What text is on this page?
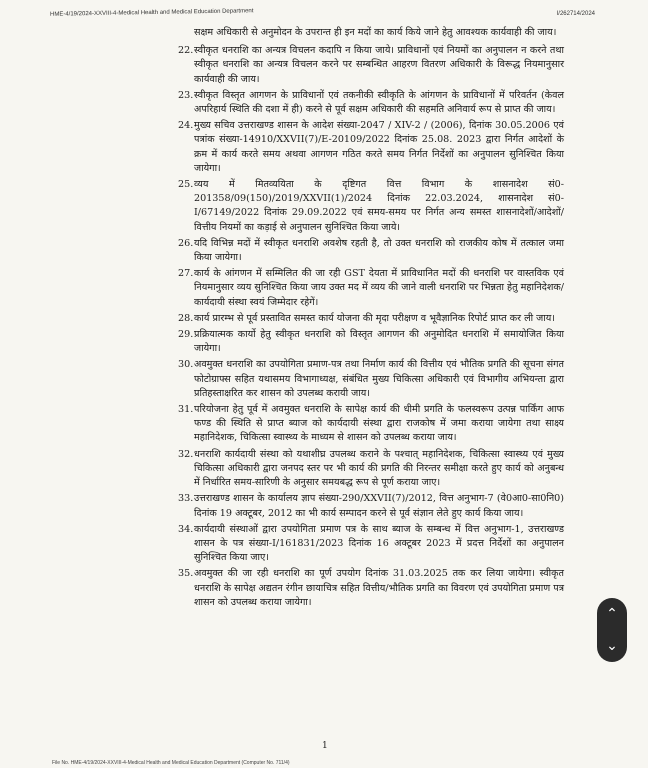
HME-4/19/2024-XXVIII-4-Medical Health and Medical Education Department	I/262714/2024

सक्षम अधिकारी से अनुमोदन के उपरान्त ही इन मदों का कार्य किये जाने हेतु आवश्यक कार्यवाही की जाय।

22. स्वीकृत धनराशि का अन्यत्र विचलन कदापि न किया जाये। प्राविधानों एवं नियमों का अनुपालन न करने तथा स्वीकृत धनराशि का अन्यत्र विचलन करने पर सम्बन्धित आहरण वितरण अधिकारी के विरूद्ध नियमानुसार कार्यवाही की जाय।
23. स्वीकृत विस्तृत आगणन के प्राविधानों एवं तकनीकी स्वीकृति के आंगणन के प्राविधानों में परिवर्तन (केवल अपरिहार्य स्थिति की दशा में ही) करने से पूर्व सक्षम अधिकारी की सहमति अनिवार्य रूप से प्राप्त की जाय।
24. मुख्य सचिव उत्तराखण्ड शासन के आदेश संख्या-2047 / XIV-2 / (2006), दिनांक 30.05.2006 एवं पत्रांक संख्या-14910/XXVII(7)/E-20109/2022 दिनांक 25.08. 2023 द्वारा निर्गत आदेशों के क्रम में कार्य करते समय अथवा आगणन गठित करते समय निर्गत निर्देशों का अनुपालन सुनिश्चित किया जायेगा।
25. व्यय में मितव्ययिता के दृष्टिगत वित्त विभाग के शासनादेश सं0-201358/09(150)/2019/XXVII(1)/2024 दिनांक 22.03.2024, शासनादेश सं0- I/67149/2022 दिनांक 29.09.2022 एवं समय-समय पर निर्गत अन्य समस्त शासनादेशों/आदेशों/वित्तीय नियमों का कड़ाई से अनुपालन सुनिश्चित किया जाये।
26. यदि विभिन्न मदों में स्वीकृत धनराशि अवशेष रहती है, तो उक्त धनराशि को राजकीय कोष में तत्काल जमा किया जायेगा।
27. कार्य के आंगणन में सम्मिलित की जा रही GST देयता में प्राविधानित मदों की धनराशि पर वास्तविक एवं नियमानुसार व्यय सुनिश्चित किया जाय उक्त मद में व्यय की जाने वाली धनराशि पर भिन्नता हेतु महानिदेशक/कार्यदायी संस्था स्वयं जिम्मेदार रहेगें।
28. कार्य प्रारम्भ से पूर्व प्रस्तावित समस्त कार्य योजना की मृदा परीक्षण व भूवैज्ञानिक रिपोर्ट प्राप्त कर ली जाय।
29. प्रक्रियात्मक कार्यो हेतु स्वीकृत धनराशि को विस्तृत आगणन की अनुमोदित धनराशि में समायोजित किया जायेगा।
30. अवमुक्त धनराशि का उपयोगिता प्रमाण-पत्र तथा निर्माण कार्य की वित्तीय एवं भौतिक प्रगति की सूचना संगत फोटोग्राफ्स सहित यथासमय विभागाध्यक्ष, संबंधित मुख्य चिकित्सा अधिकारी एवं विभागीय अभियन्ता द्वारा प्रतिहस्ताक्षरित कर शासन को उपलब्ध करायी जाय।
31. परियोजना हेतु पूर्व में अवमुक्त धनराशि के सापेक्ष कार्य की धीमी प्रगति के फलस्वरूप उत्पन्न पार्किंग आफ फण्ड की स्थिति से प्राप्त ब्याज को कार्यदायी संस्था द्वारा राजकोष में जमा कराया जायेगा तथा साक्ष्य महानिदेशक, चिकित्सा स्वास्थ्य के माध्यम से शासन को उपलब्ध कराया जाय।
32. धनराशि कार्यदायी संस्था को यथाशीघ्र उपलब्ध कराने के पश्चात् महानिदेशक, चिकित्सा स्वास्थ्य एवं मुख्य चिकित्सा अधिकारी द्वारा जनपद स्तर पर भी कार्य की प्रगति की निरन्तर समीक्षा करते हुए कार्य को अनुबन्ध में निर्धारित समय-सारिणी के अनुसार समयबद्ध रूप से पूर्ण कराया जाए।
33. उत्तराखण्ड शासन के कार्यालय ज्ञाप संख्या-290/XXVII(7)/2012, वित्त अनुभाग-7 (वे0आ0-सा0नि0) दिनांक 19 अक्टूबर, 2012 का भी कार्य सम्पादन करने से पूर्व संज्ञान लेते हुए कार्य किया जाय।
34. कार्यदायी संस्थाओं द्वारा उपयोगिता प्रमाण पत्र के साथ ब्याज के सम्बन्ध में वित्त अनुभाग-1, उत्तराखण्ड शासन के पत्र संख्या-I/161831/2023 दिनांक 16 अक्टूबर 2023 में प्रदत्त निर्देशों का अनुपालन सुनिश्चित किया जाए।
35. अवमुक्त की जा रही धनराशि का पूर्ण उपयोग दिनांक 31.03.2025 तक कर लिया जायेगा। स्वीकृत धनराशि के सापेक्ष अद्यतन रंगीन छायाचित्र सहित वित्तीय/भौतिक प्रगति का विवरण एवं उपयोगिता प्रमाण पत्र शासन को उपलब्ध कराया जायेगा।
1
File No. HME-4/19/2024-XXVIII-4-Medical Health and Medical Education Department (Computer No. 711/4)
⌃
⌄
